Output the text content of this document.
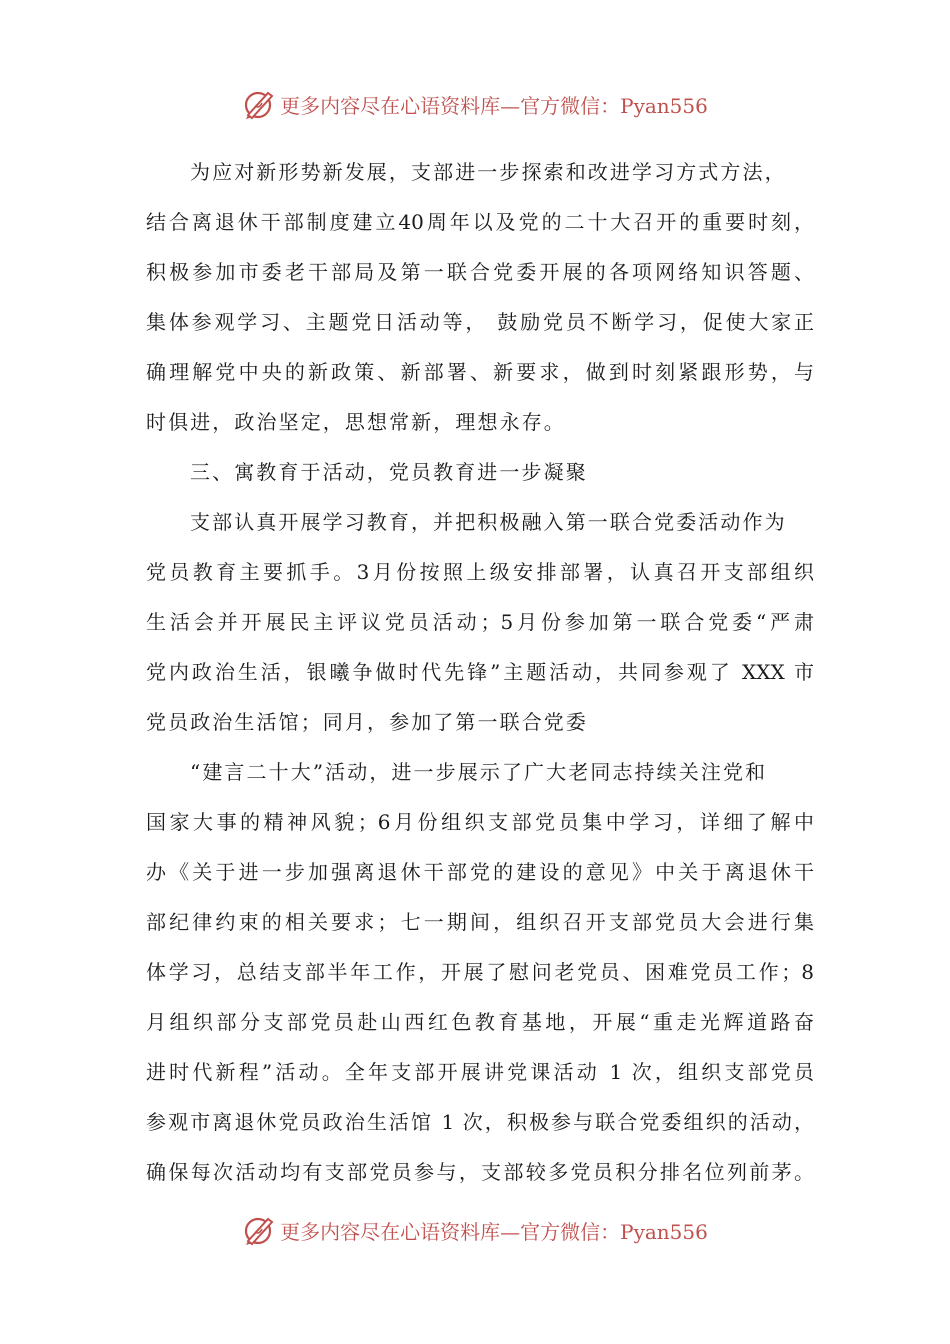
更多内容尽在心语资料库—官方微信：Pyan556
为应对新形势新发展，支部进一步探索和改进学习方式方法，
结合离退休干部制度建立40周年以及党的二十大召开的重要时刻，
积极参加市委老干部局及第一联合党委开展的各项网络知识答题、
集体参观学习、主题党日活动等， 鼓励党员不断学习，促使大家正
确理解党中央的新政策、新部署、新要求，做到时刻紧跟形势，与
时俱进，政治坚定，思想常新，理想永存。
三、寓教育于活动，党员教育进一步凝聚
支部认真开展学习教育，并把积极融入第一联合党委活动作为
党员教育主要抓手。3月份按照上级安排部署，认真召开支部组织
生活会并开展民主评议党员活动；5月份参加第一联合党委“严肃
党内政治生活，银曦争做时代先锋”主题活动，共同参观了 XXX 市
党员政治生活馆；同月，参加了第一联合党委
“建言二十大”活动，进一步展示了广大老同志持续关注党和
国家大事的精神风貌；6月份组织支部党员集中学习，详细了解中
办《关于进一步加强离退休干部党的建设的意见》中关于离退休干
部纪律约束的相关要求；七一期间，组织召开支部党员大会进行集
体学习，总结支部半年工作，开展了慰问老党员、困难党员工作；8
月组织部分支部党员赴山西红色教育基地，开展“重走光辉道路奋
进时代新程”活动。全年支部开展讲党课活动 1 次，组织支部党员
参观市离退休党员政治生活馆 1 次，积极参与联合党委组织的活动，
确保每次活动均有支部党员参与，支部较多党员积分排名位列前茅。
更多内容尽在心语资料库—官方微信：Pyan556
